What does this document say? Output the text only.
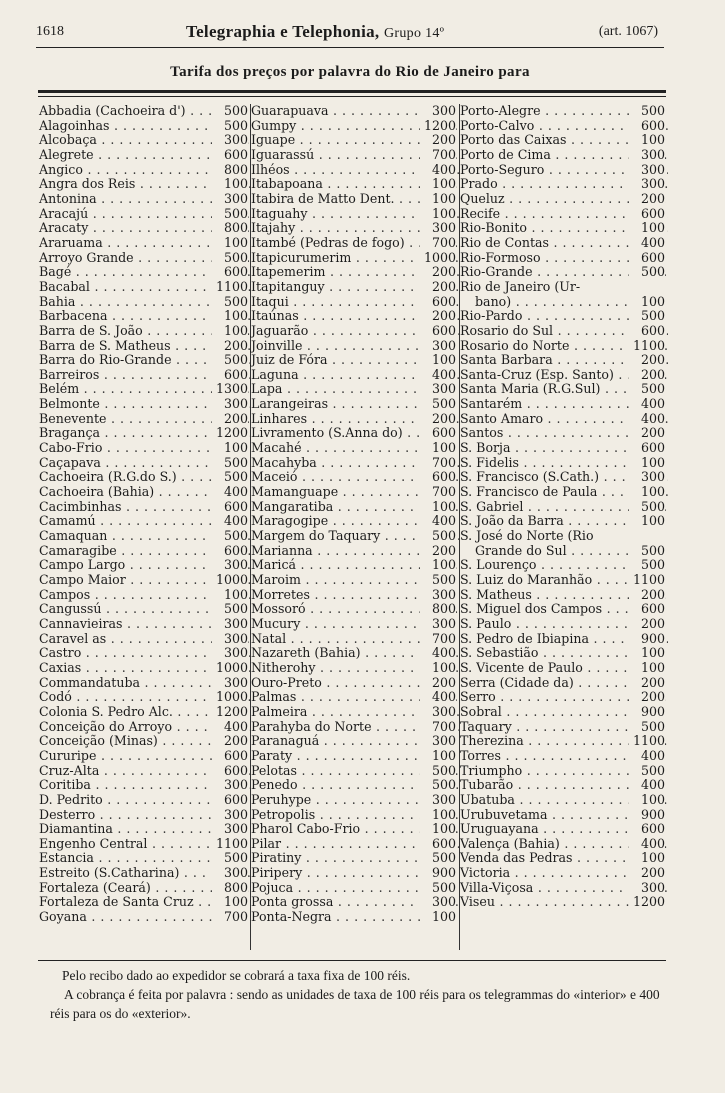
1618	Telegraphia e Telephonia, Grupo 14º	(art. 1067)
Tarifa dos preços por palavra do Rio de Janeiro para
Abbadia (Cachoeira d') . . .	500
Alagoinhas . . .	500
Alcobaça . . .	300
Alegrete . . .	600
Angico . . .	800
Angra dos Reis . . .	100
Antonina . . .	300
Aracajú . . .	500
Aracaty . . .	800
Araruama . . .	100
Arroyo Grande . . .	500
Bagé . . .	600
Bacabal . . .	1100
Bahia . . .	500
Barbacena . . .	100
Barra de S. João . . .	100
Barra de S. Matheus . . .	200
Barra do Rio-Grande . . .	500
Barreiros . . .	600
Belém . . .	1300
Belmonte . . .	300
Benevente . . .	200
Bragança . . .	1200
Cabo-Frio . . .	100
Caçapava . . .	500
Cachoeira (R.G.do S.) . . .	500
Cachoeira (Bahia) . . .	400
Cacimbinhas . . .	600
Camamú . . .	400
Camaquan . . .	500
Camaragibe . . .	600
Campo Largo . . .	300
Campo Maior . . .	1000
Campos . . .	100
Cangussú . . .	500
Cannavieiras . . .	300
Caravel as . . .	300
Castro . . .	300
Caxias . . .	1000
Commandatuba . . .	300
Codó . . .	1000
Colonia S. Pedro Alc. . . .	1200
Conceição do Arroyo . . .	400
Conceição (Minas) . . .	200
Cururipe . . .	600
Cruz-Alta . . .	600
Coritiba . . .	300
D. Pedrito . . .	600
Desterro . . .	300
Diamantina . . .	300
Engenho Central . . .	1100
Estancia . . .	500
Estreito (S.Catharina) . . .	300
Fortaleza (Ceará) . . .	800
Fortaleza de Santa Cruz . . .	100
Goyana . . .	700
Guarapuava . . .	300
Gumpy . . .	1200
Iguape . . .	200
Iguarassú . . .	700
Ilhéos . . .	400
Itabapoana . . .	100
Itabira de Matto Dent. . . .	100
Itaguahy . . .	100
Itajahy . . .	300
Itambé (Pedras de fogo) . . .	700
Itapicurumerim . . .	1000
Itapemerim . . .	200
Itapitanguy . . .	200
Itaqui . . .	600
Itaúnas . . .	200
Jaguarão . . .	600
Joinville . . .	300
Juiz de Fóra . . .	100
Laguna . . .	400
Lapa . . .	300
Larangeiras . . .	500
Linhares . . .	200
Livramento (S.Anna do) . . .	600
Macahé . . .	100
Macahyba . . .	700
Maceió . . .	600
Mamanguape . . .	700
Mangaratiba . . .	100
Maragogipe . . .	400
Margem do Taquary . . .	500
Marianna . . .	200
Maricá . . .	100
Maroim . . .	500
Morretes . . .	300
Mossoró . . .	800
Mucury . . .	300
Natal . . .	700
Nazareth (Bahia) . . .	400
Nitherohy . . .	100
Ouro-Preto . . .	200
Palmas . . .	400
Palmeira . . .	300
Parahyba do Norte . . .	700
Paranaguá . . .	300
Paraty . . .	100
Pelotas . . .	500
Penedo . . .	500
Peruhype . . .	300
Petropolis . . .	100
Pharol Cabo-Frio . . .	100
Pilar . . .	600
Piratiny . . .	500
Piripery . . .	900
Pojuca . . .	500
Ponta grossa . . .	300
Ponta-Negra . . .	100
Porto-Alegre . . .	500
Porto-Calvo . . .	600
Porto das Caixas . . .	100
Porto de Cima . . .	300
Porto-Seguro . . .	300
Prado . . .	300
Queluz . . .	200
Recife . . .	600
Rio-Bonito . . .	100
Rio de Contas . . .	400
Rio-Formoso . . .	600
Rio-Grande . . .	500
Rio de Janeiro (Ur-
bano) . . .	100
Rio-Pardo . . .	500
Rosario do Sul . . .	600
Rosario do Norte . . .	1100
Santa Barbara . . .	200
Santa-Cruz (Esp. Santo) . . .	200
Santa Maria (R.G.Sul) . . .	500
Santarém . . .	400
Santo Amaro . . .	400
Santos . . .	200
S. Borja . . .	600
S. Fidelis . . .	100
S. Francisco (S.Cath.) . . .	300
S. Francisco de Paula . . .	100
S. Gabriel . . .	500
S. João da Barra . . .	100
S. José do Norte (Rio
Grande do Sul . . .	500
S. Lourenço . . .	500
S. Luiz do Maranhão . . .	1100
S. Matheus . . .	200
S. Miguel dos Campos . . .	600
S. Paulo . . .	200
S. Pedro de Ibiapina . . .	900
S. Sebastião . . .	100
S. Vicente de Paulo . . .	100
Serra (Cidade da) . . .	200
Serro . . .	200
Sobral . . .	900
Taquary . . .	500
Therezina . . .	1100
Torres . . .	400
Triumpho . . .	500
Tubarão . . .	400
Ubatuba . . .	100
Urubuvetama . . .	900
Uruguayana . . .	600
Valença (Bahia) . . .	400
Venda das Pedras . . .	100
Victoria . . .	200
Villa-Viçosa . . .	300
Viseu . . .	1200

Pelo recibo dado ao expedidor se cobrará a taxa fixa de 100 réis.

A cobrança é feita por palavra : sendo as unidades de taxa de 100 réis para os telegrammas do «interior» e 400 réis para os do «exterior».
